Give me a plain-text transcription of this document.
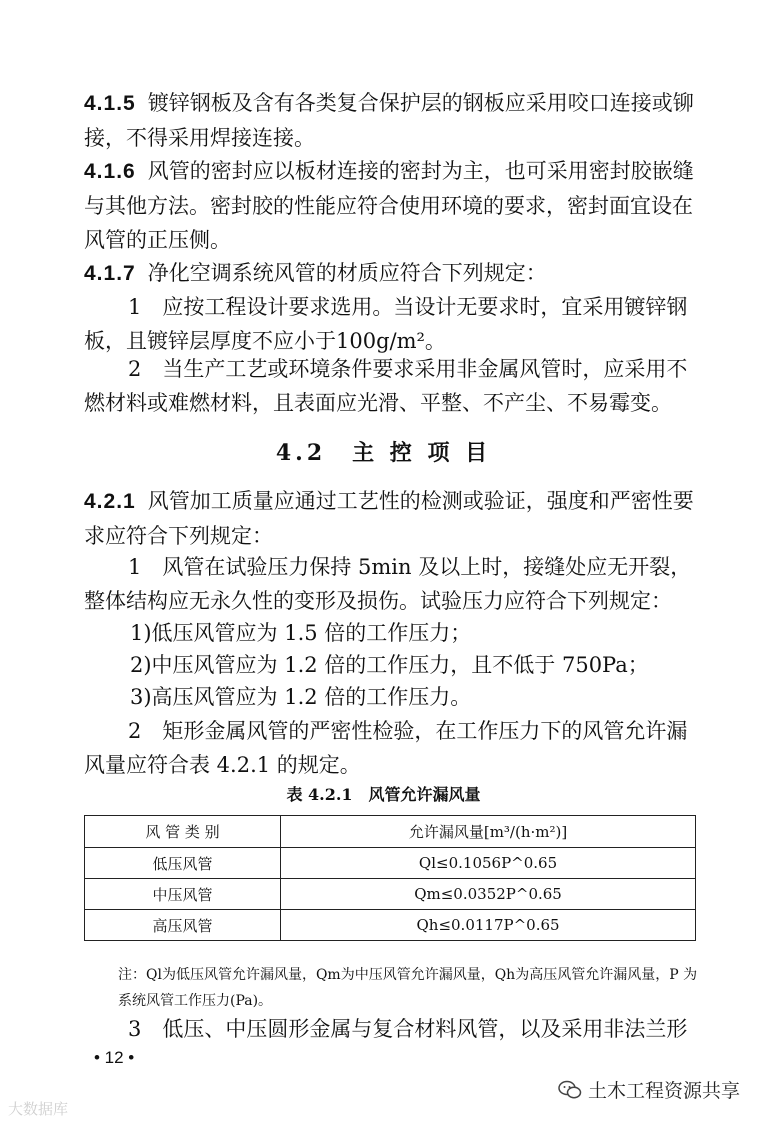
4.1.5 镀锌钢板及含有各类复合保护层的钢板应采用咬口连接或铆接，不得采用焊接连接。

4.1.6 风管的密封应以板材连接的密封为主，也可采用密封胶嵌缝与其他方法。密封胶的性能应符合使用环境的要求，密封面宜设在风管的正压侧。

4.1.7 净化空调系统风管的材质应符合下列规定：

1　应按工程设计要求选用。当设计无要求时，宜采用镀锌钢板，且镀锌层厚度不应小于100g/m²。

2　当生产工艺或环境条件要求采用非金属风管时，应采用不燃材料或难燃材料，且表面应光滑、平整、不产尘、不易霉变。

4.2　主 控 项 目

4.2.1 风管加工质量应通过工艺性的检测或验证，强度和严密性要求应符合下列规定：

1　风管在试验压力保持 5min 及以上时，接缝处应无开裂，整体结构应无永久性的变形及损伤。试验压力应符合下列规定：

1)低压风管应为 1.5 倍的工作压力；

2)中压风管应为 1.2 倍的工作压力，且不低于 750Pa；

3)高压风管应为 1.2 倍的工作压力。

2　矩形金属风管的严密性检验，在工作压力下的风管允许漏风量应符合表 4.2.1 的规定。

表 4.2.1　风管允许漏风量
风 管 类 别	允许漏风量[m³/(h·m²)]
低压风管	Ql≤0.1056P^0.65
中压风管	Qm≤0.0352P^0.65
高压风管	Qh≤0.0117P^0.65

注：Ql为低压风管允许漏风量，Qm为中压风管允许漏风量，Qh为高压风管允许漏风量，P 为系统风管工作压力(Pa)。

3　低压、中压圆形金属与复合材料风管，以及采用非法兰形

• 12 •
土木工程资源共享
大数据库
